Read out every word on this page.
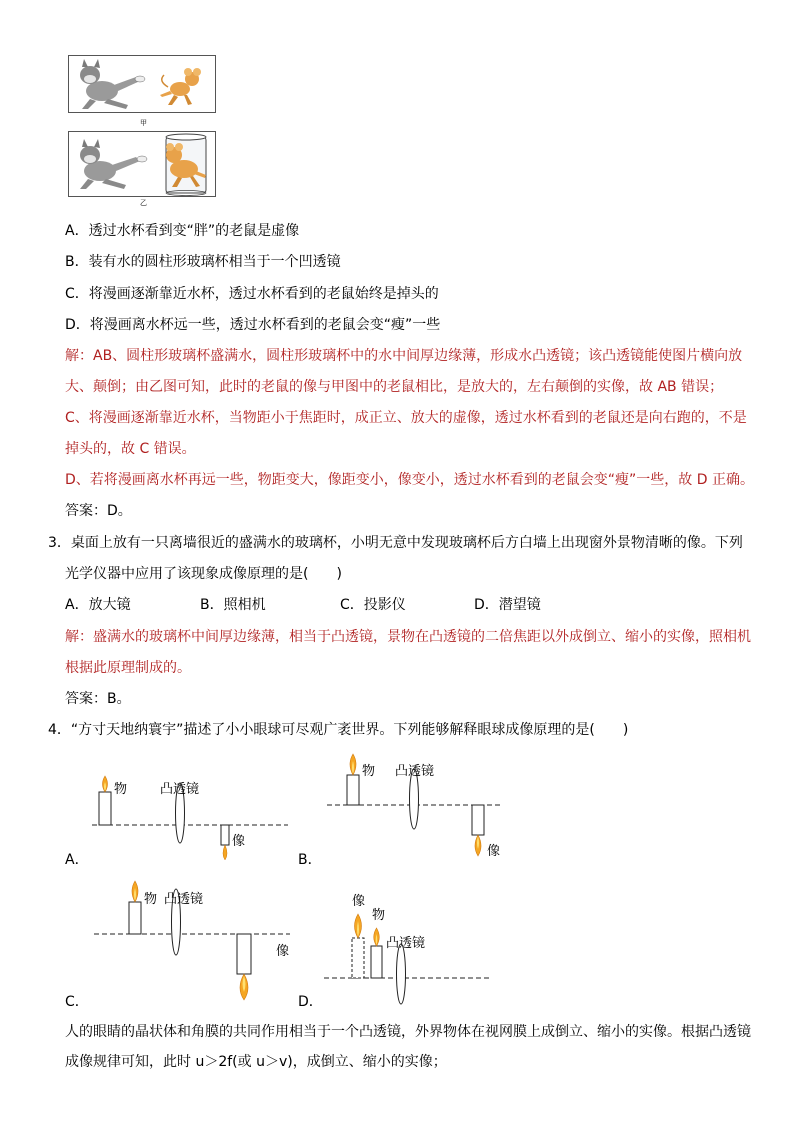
甲
乙
A．透过水杯看到变“胖”的老鼠是虚像
B．装有水的圆柱形玻璃杯相当于一个凹透镜
C．将漫画逐渐靠近水杯，透过水杯看到的老鼠始终是掉头的
D．将漫画离水杯远一些，透过水杯看到的老鼠会变“瘦”一些
解：AB、圆柱形玻璃杯盛满水，圆柱形玻璃杯中的水中间厚边缘薄，形成水凸透镜；该凸透镜能使图片横向放
大、颠倒；由乙图可知，此时的老鼠的像与甲图中的老鼠相比，是放大的，左右颠倒的实像，故 AB 错误；
C、将漫画逐渐靠近水杯，当物距小于焦距时，成正立、放大的虚像，透过水杯看到的老鼠还是向右跑的，不是
掉头的，故 C 错误。
D、若将漫画离水杯再远一些，物距变大，像距变小，像变小，透过水杯看到的老鼠会变“瘦”一些，故 D 正确。
答案：D。
3．桌面上放有一只离墙很近的盛满水的玻璃杯，小明无意中发现玻璃杯后方白墙上出现窗外景物清晰的像。下列
光学仪器中应用了该现象成像原理的是(　　)
A．放大镜	B．照相机	C．投影仪	D．潜望镜
解：盛满水的玻璃杯中间厚边缘薄，相当于凸透镜，景物在凸透镜的二倍焦距以外成倒立、缩小的实像，照相机
根据此原理制成的。
答案：B。
4．“方寸天地纳寰宇”描述了小小眼球可尽观广袤世界。下列能够解释眼球成像原理的是(　　)
物	凸透镜
像
A．
物 凸透镜
像
B．
物 凸透镜
像
C．
像
物
凸透镜
D．
人的眼睛的晶状体和角膜的共同作用相当于一个凸透镜，外界物体在视网膜上成倒立、缩小的实像。根据凸透镜
成像规律可知，此时 u＞2f(或 u＞v)，成倒立、缩小的实像；
